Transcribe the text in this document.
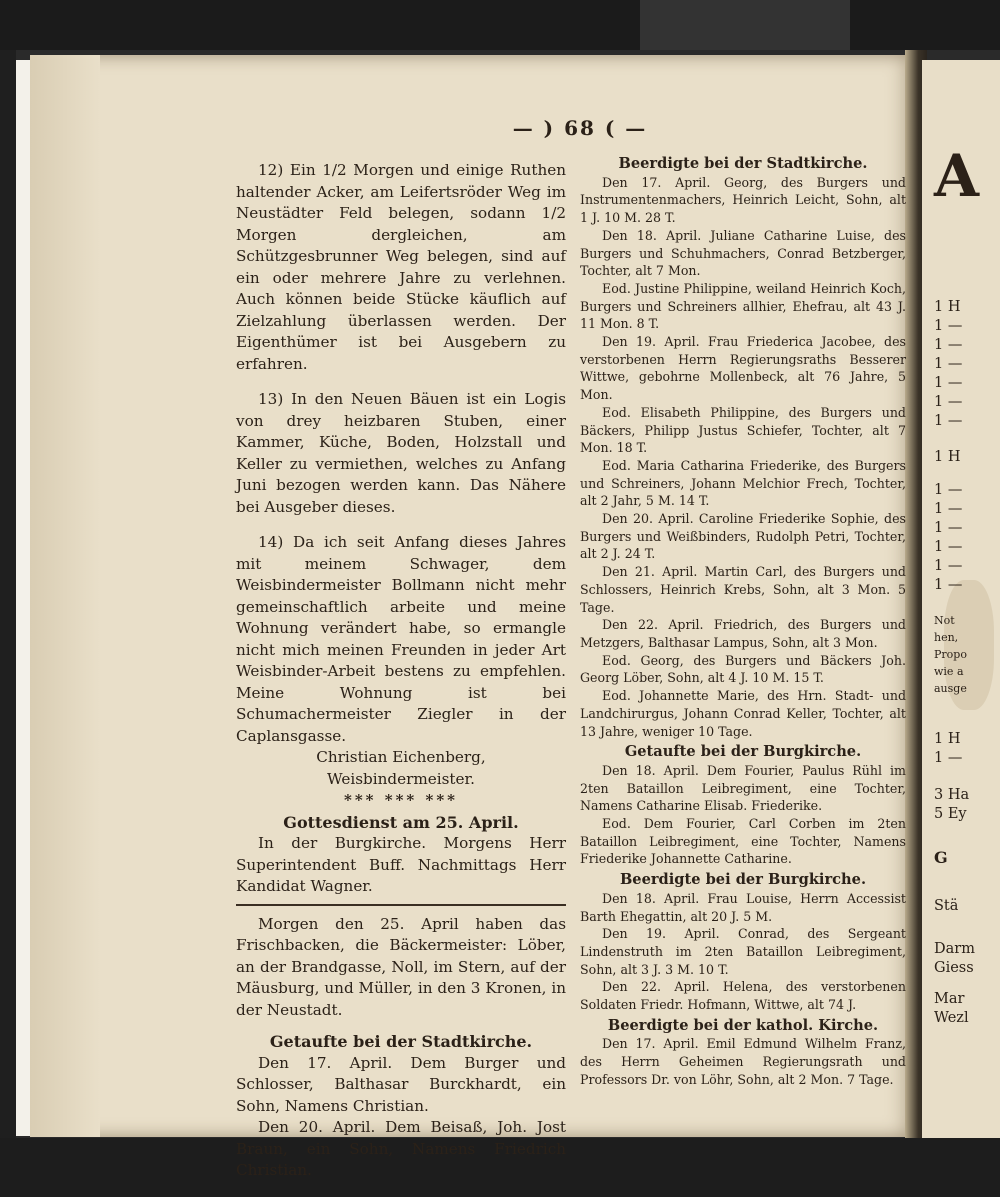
— ) 68 ( —

12) Ein 1/2 Morgen und einige Ruthen haltender Acker, am Leifertsröder Weg im Neustädter Feld belegen, sodann 1/2 Morgen dergleichen, am Schützgesbrunner Weg belegen, sind auf ein oder mehrere Jahre zu verlehnen. Auch können beide Stücke käuflich auf Zielzahlung überlassen werden. Der Eigenthümer ist bei Ausgebern zu erfahren.

13) In den Neuen Bäuen ist ein Logis von drey heizbaren Stuben, einer Kammer, Küche, Boden, Holzstall und Keller zu vermiethen, welches zu Anfang Juni bezogen werden kann. Das Nähere bei Ausgeber dieses.

14) Da ich seit Anfang dieses Jahres mit meinem Schwager, dem Weisbindermeister Bollmann nicht mehr gemeinschaftlich arbeite und meine Wohnung verändert habe, so ermangle nicht mich meinen Freunden in jeder Art Weisbinder-Arbeit bestens zu empfehlen. Meine Wohnung ist bei Schumachermeister Ziegler in der Caplansgasse.

Christian Eichenberg,

Weisbindermeister.

*** *** ***

Gottesdienst am 25. April.

In der Burgkirche. Morgens Herr Superintendent Buff. Nachmittags Herr Kandidat Wagner.

Morgen den 25. April haben das Frischbacken, die Bäckermeister: Löber, an der Brandgasse, Noll, im Stern, auf der Mäusburg, und Müller, in den 3 Kronen, in der Neustadt.

Getaufte bei der Stadtkirche.

Den 17. April. Dem Burger und Schlosser, Balthasar Burckhardt, ein Sohn, Namens Christian.

Den 20. April. Dem Beisaß, Joh. Jost Braun, ein Sohn, Namens Friedrich Christian.

Beerdigte bei der Stadtkirche.

Den 17. April. Georg, des Burgers und Instrumentenmachers, Heinrich Leicht, Sohn, alt 1 J. 10 M. 28 T.

Den 18. April. Juliane Catharine Luise, des Burgers und Schuhmachers, Conrad Betzberger, Tochter, alt 7 Mon.

Eod. Justine Philippine, weiland Heinrich Koch, Burgers und Schreiners allhier, Ehefrau, alt 43 J. 11 Mon. 8 T.

Den 19. April. Frau Friederica Jacobee, des verstorbenen Herrn Regierungsraths Besserer Wittwe, gebohrne Mollenbeck, alt 76 Jahre, 5 Mon.

Eod. Elisabeth Philippine, des Burgers und Bäckers, Philipp Justus Schiefer, Tochter, alt 7 Mon. 18 T.

Eod. Maria Catharina Friederike, des Burgers und Schreiners, Johann Melchior Frech, Tochter, alt 2 Jahr, 5 M. 14 T.

Den 20. April. Caroline Friederike Sophie, des Burgers und Weißbinders, Rudolph Petri, Tochter, alt 2 J. 24 T.

Den 21. April. Martin Carl, des Burgers und Schlossers, Heinrich Krebs, Sohn, alt 3 Mon. 5 Tage.

Den 22. April. Friedrich, des Burgers und Metzgers, Balthasar Lampus, Sohn, alt 3 Mon.

Eod. Georg, des Burgers und Bäckers Joh. Georg Löber, Sohn, alt 4 J. 10 M. 15 T.

Eod. Johannette Marie, des Hrn. Stadt- und Landchirurgus, Johann Conrad Keller, Tochter, alt 13 Jahre, weniger 10 Tage.

Getaufte bei der Burgkirche.

Den 18. April. Dem Fourier, Paulus Rühl im 2ten Bataillon Leibregiment, eine Tochter, Namens Catharine Elisab. Friederike.

Eod. Dem Fourier, Carl Corben im 2ten Bataillon Leibregiment, eine Tochter, Namens Friederike Johannette Catharine.

Beerdigte bei der Burgkirche.

Den 18. April. Frau Louise, Herrn Accessist Barth Ehegattin, alt 20 J. 5 M.

Den 19. April. Conrad, des Sergeant Lindenstruth im 2ten Bataillon Leibregiment, Sohn, alt 3 J. 3 M. 10 T.

Den 22. April. Helena, des verstorbenen Soldaten Friedr. Hofmann, Wittwe, alt 74 J.

Beerdigte bei der kathol. Kirche.

Den 17. April. Emil Edmund Wilhelm Franz, des Herrn Geheimen Regierungsrath und Professors Dr. von Löhr, Sohn, alt 2 Mon. 7 Tage.

A
1 H
1 —
1 —
1 —
1 —
1 —
1 —
1 H
1 —
1 —
1 —
1 —
1 —
1 —
Not
hen,
Propo
wie a
ausge
1 H
1 —
3 Ha
5 Ey
G
Stä
Darm
Giess
Mar
Wezl
